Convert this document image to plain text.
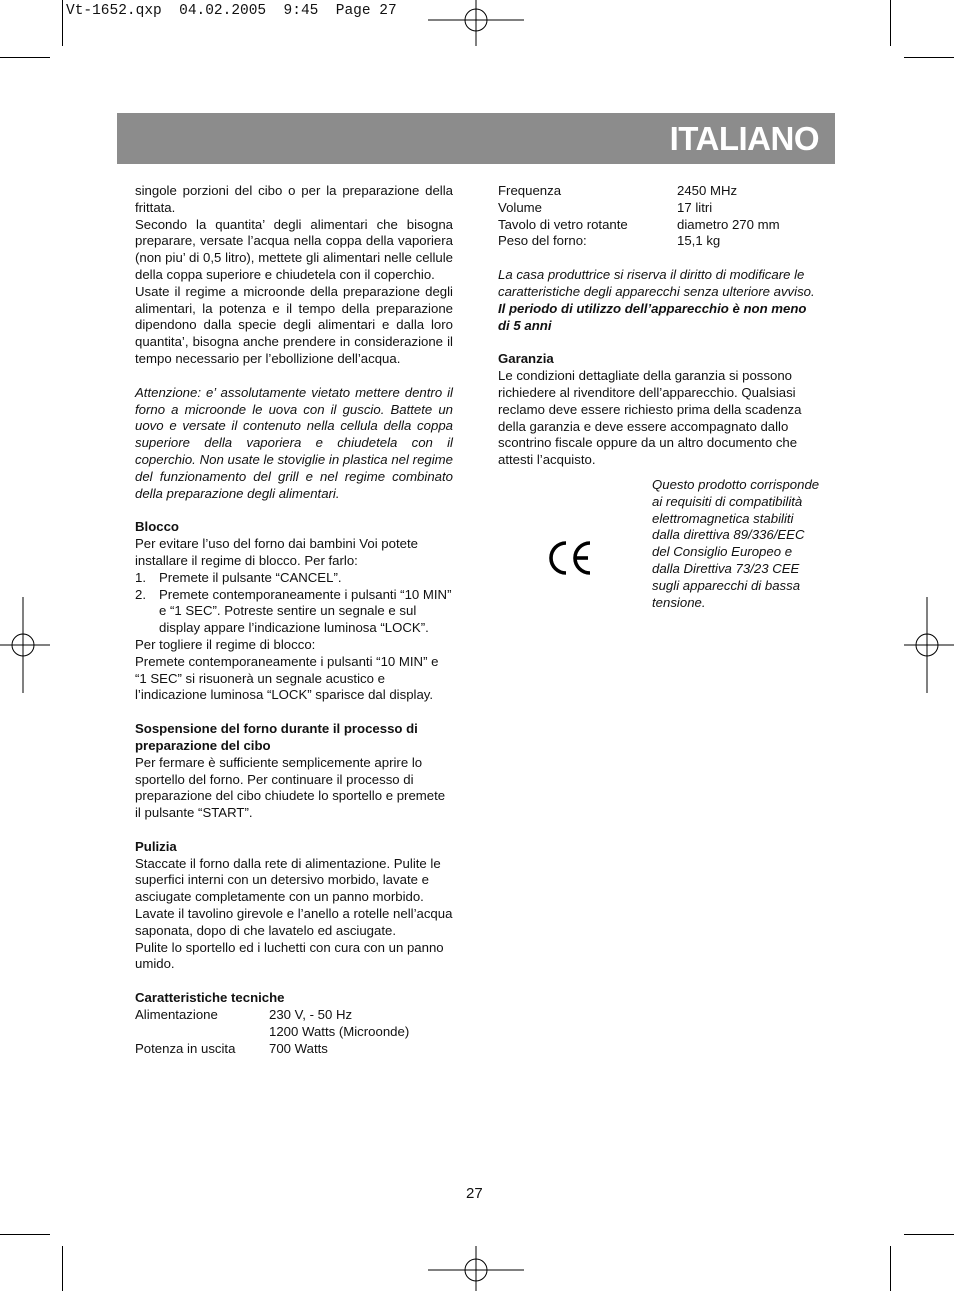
Vt-1652.qxp  04.02.2005  9:45  Page 27
ITALIANO

singole porzioni del cibo o per la preparazione della frittata.

Secondo la quantita’ degli alimentari che bisogna preparare, versate l’acqua nella coppa della vaporiera (non piu’ di 0,5 litro), mettete gli alimentari nelle cellule della coppa superiore e chiudetela con il coperchio.

Usate il regime a microonde della preparazione degli alimentari, la potenza e il tempo della preparazione dipendono dalla specie degli alimentari e dalla loro quantita’, bisogna anche prendere in considerazione il tempo necessario per l’ebollizione dell’acqua.

Attenzione: e’ assolutamente vietato mettere dentro il forno a microonde le uova con il guscio. Battete un uovo e versate il contenuto nella cellula della coppa superiore della vaporiera e chiudetela con il coperchio. Non usate le stoviglie in plastica nel regime del funzionamento del grill e nel regime combinato della preparazione degli alimentari.

Blocco

Per evitare l’uso del forno dai bambini Voi potete installare il regime di blocco. Per farlo:

1. Premete il pulsante “CANCEL”.
2. Premete contemporaneamente i pulsanti “10 MIN” e “1 SEC”. Potreste sentire un segnale e sul display appare l’indicazione luminosa “LOCK”.

Per togliere il regime di blocco:

Premete contemporaneamente i pulsanti “10 MIN” e “1 SEC” si risuonerà un segnale acustico e l’indicazione luminosa “LOCK” sparisce dal display.

Sospensione del forno durante il processo di preparazione del cibo

Per fermare è sufficiente semplicemente aprire lo sportello del forno. Per continuare il processo di preparazione del cibo chiudete lo sportello e premete il pulsante “START”.

Pulizia

Staccate il forno dalla rete di alimentazione. Pulite le superfici interni con un detersivo morbido, lavate e asciugate completamente con un panno morbido. Lavate il tavolino girevole e l’anello a rotelle nell’acqua saponata, dopo di che lavatelo ed asciugate.

Pulite lo sportello ed i luchetti con cura con un panno umido.

Caratteristiche tecniche

Alimentazione	230 V, - 50 Hz
1200 Watts (Microonde)
Potenza in uscita	700 Watts
Frequenza	2450 MHz
Volume	17 litri
Tavolo di vetro rotante	diametro 270 mm
Peso del forno:	15,1 kg

La casa produttrice si riserva il diritto di modificare le caratteristiche degli apparecchi senza ulteriore avviso.

Il periodo di utilizzo dell’apparecchio è non meno di 5 anni

Garanzia

Le condizioni dettagliate della garanzia si possono richiedere al rivenditore dell’apparecchio. Qualsiasi reclamo deve essere richiesto prima della scadenza della garanzia e deve essere accompagnato dallo scontrino fiscale oppure da un altro documento che attesti l’acquisto.

Questo prodotto corrisponde ai requisiti di compatibilità elettromagnetica stabiliti dalla direttiva 89/336/EEC del Consiglio Europeo e dalla Direttiva 73/23 CEE sugli apparecchi di bassa tensione.

27
